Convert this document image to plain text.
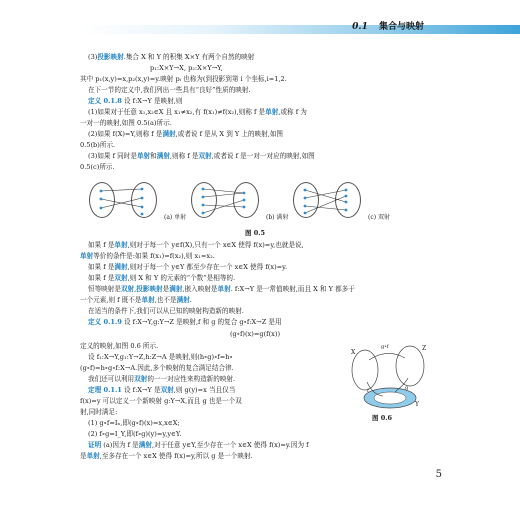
0.1 集合与映射
(3)投影映射.集合 X 和 Y 的积集 X×Y 有两个自然的映射
p₁:X×Y→X, p₂:X×Y→Y,
其中 p₁(x,y)=x,p₂(x,y)=y.映射 pᵢ 也称为(到投影到第 i 个坐标,i=1,2.
在下一节的定义中,我们列出一些具有“良好”性质的映射.
定义 0.1.8 设 f:X→Y 是映射,则
(1)如果对于任意 x₁,x₂∈X 且 x₁≠x₂,有 f(x₁)≠f(x₂),则称 f 是单射,或称 f 为
一对一的映射,如图 0.5(a)所示.
(2)如果 f(X)=Y,则称 f 是满射,或者说 f 是从 X 到 Y 上的映射,如图
0.5(b)所示.
(3)如果 f 同时是单射和满射,则称 f 是双射,或者说 f 是一对一对应的映射,如图
0.5(c)所示.
如果 f 是单射,则对于每一个 y∈f(X),只有一个 x∈X 使得 f(x)=y,也就是说,
单射等价的条件是:如果 f(x₁)=f(x₂),则 x₁=x₂.
如果 f 是满射,则对于每一个 y∈Y 都至少存在一个 x∈X 使得 f(x)=y.
如果 f 是双射,则 X 和 Y 的元素的“个数”是相等的.
恒等映射是双射,投影映射是满射,嵌入映射是单射. f:X→Y 是一常值映射,而且 X 和 Y 都多于
一个元素,则 f 既不是单射,也不是满射.
在适当的条件下,我们可以从已知的映射构造新的映射.
定义 0.1.9 设 f:X→Y,g:Y→Z 是映射,f 和 g 的复合 g∘f:X→Z 是用
(g∘f)(x)=g(f(x))
定义的映射,如图 0.6 所示.
设 f₁:X→Y,g₁:Y→Z,h:Z→A 是映射,则(h∘g)∘f=h∘
(g∘f)=h∘g∘f:X→A.因此,多个映射的复合满足结合律.
我们还可以利用双射的一一对应性来构造新的映射.
定理 0.1.1 设 f:X→Y 是双射,则 g(y)=x 当且仅当
f(x)=y 可以定义一个新映射 g:Y→X,而且 g 也是一个双
射,同时满足:
(1) g∘f=Iₓ,即(g∘f)(x)=x,x∈X;
(2) f∘g=I_Y,即(f∘g)(y)=y,y∈Y.
证明 (a)因为 f 是满射,对于任意 y∈Y,至少存在一个 x∈X 使得 f(x)=y.因为 f
是单射,至多存在一个 x∈X 使得 f(x)=y,所以 g 是一个映射.
(a) 单射	(b) 满射	(c) 双射
图 0.5
X
Z
Y
f	g
g∘f
图 0.6
5
